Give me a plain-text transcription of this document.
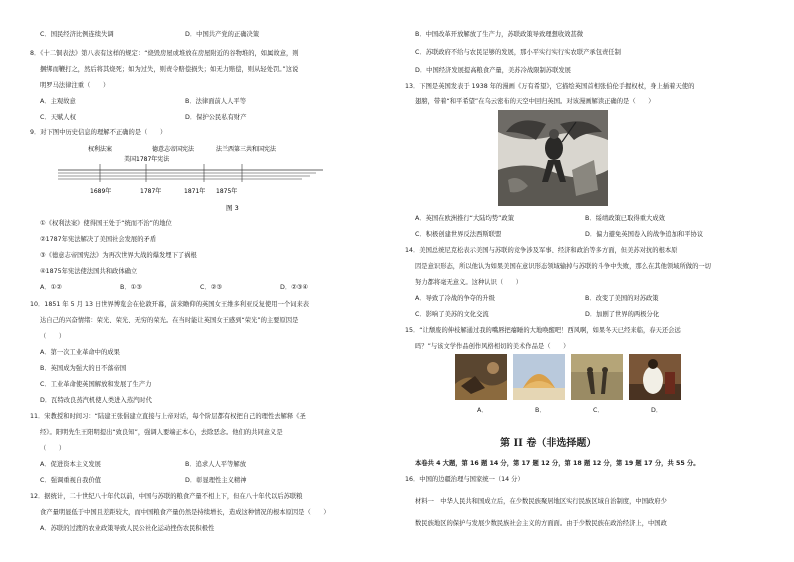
C．国民经济比例连续失调	D．中国共产党的正确决策
8．《十二铜表法》第八表有这样的规定：“烧毁房屋或堆放在房屋附近的谷物堆的，如属故意，则
捆绑而鞭打之，然后将其烧死；如为过失，则责令赔偿损失；如无力赔偿，则从轻处罚。”这说
明罗马法律注重（　　）
A．主观故意	B．法律面前人人平等
C．天赋人权	D．保护公民私有财产
9．对下图中历史信息的理解不正确的是（　　）
权利法案	德意志帝国宪法	法兰西第三共和国宪法
美国1787年宪法
1689年	1787年	1871年 1875年
图 3
①《权利法案》使得国王处于“统而不治”的地位
②1787年宪法解决了美国社会发展的矛盾
③《德意志帝国宪法》为再次世界大战的爆发埋下了祸根
④1875年宪法使法国共和政体确立
A．①②	B．①③	C．②③	D．②③④
10．1851 年 5 月 13 日世界博览会在伦敦开幕，前来瞻仰的英国女王维多利亚反复使用一个词来表
达自己的兴奋情绪：荣光、荣光、无穷的荣光。在当时能让英国女王感到“荣光”的主要原因是
（　　）
A．第一次工业革命中的成果
B．英国成为强大的日不落帝国
C．工业革命使英国解放和发展了生产力
D．瓦特改良蒸汽机使人类进入蒸汽时代
11．宋教授和时间习：“陆建王张倡建立直接与上帝对话，每个阶层都有权把自己的理性去解释《圣
经》。阳明先生王阳明提出“致良知”，强调人要端正本心，去除恶念。他们的共同意义是
（　　）
A．促进资本主义发展	B．追求人人平等解放
C．强调重视自我价值	D．彰显理性主义精神
12．据统计，二十世纪八十年代以前，中国与苏联的粮食产量不相上下，但在八十年代以后苏联粮
食产量明显低于中国且差距较大，而中国粮食产量仍然是持续增长，造成这种情况的根本原因是（　　）
A．苏联的过渡的农业政策导致人民公社化运动挫伤农民积极性
B．中国改革开放解放了生产力，苏联政策导致理想收效甚微
C．苏联政府不给与农民足够的发展，那小平实行实行实农联产承包责任制
D．中国经济发展提高粮食产量，美苏冷战限制苏联发展
13．下图是英国发表于 1938 年的漫画《万有希望》，它描绘英国首相张伯伦手握权杖，身上插着天使的
翅膀，带着“和平希望”在乌云密布的天空中回归英国。对该漫画解读正确的是（　　）
A．英国在欧洲推行“大陆均势”政策	B．绥靖政策已取得重大成效
C．积极创建世界反法西斯联盟	D．偏力避免英国卷入的战争追加和平协议
14．美国总统尼克松表示美国与苏联的竞争涉及军事、经济和政治等多方面，但美苏对抗的根本原
因是意识形态，所以他认为如果美国在意识形态领域输掉与苏联的斗争中失败，那么在其他领域所做的一切
努力都将毫无意义。这种认识（　　）
A．导致了冷战的争夺的升级	B．改变了美国的对苏政策
C．影响了美苏的文化交流	D．加剧了世界的两极分化
15．“让颓废的伸枝解通过我的嘴唇把瘪睡的大地唤醒吧！西风啊，如果冬天已经来临，春天还会远
吗？”与该文学作品创作风格相切的美术作品是（　　）
A．	B．	C．	D．
第 II 卷（非选择题）
本卷共 4 大题，第 16 题 14 分，第 17 题 12 分，第 18 题 12 分，第 19 题 17 分，共 55 分。
16．中国的边疆治理与国家统一（14 分）
材料一　中华人民共和国成立后，在少数民族聚居地区实行民族区域自治制度，中国政府少
数民族地区的保护与发展少数民族社会主义的方面面。由于少数民族在政治经济上，中国政
